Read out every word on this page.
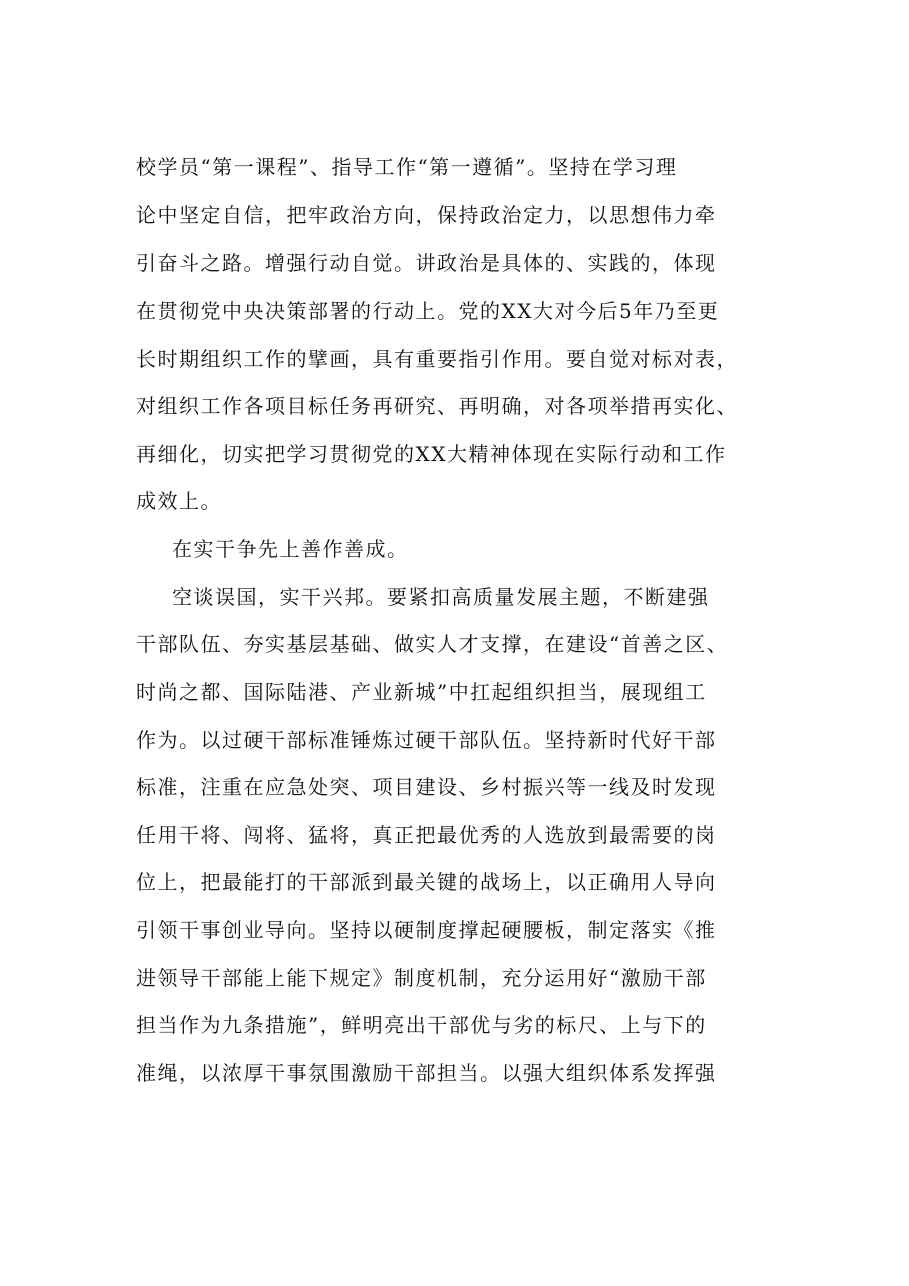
校学员“第一课程”、指导工作“第一遵循”。坚持在学习理
论中坚定自信，把牢政治方向，保持政治定力，以思想伟力牵
引奋斗之路。增强行动自觉。讲政治是具体的、实践的，体现
在贯彻党中央决策部署的行动上。党的XX大对今后5年乃至更
长时期组织工作的擘画，具有重要指引作用。要自觉对标对表，
对组织工作各项目标任务再研究、再明确，对各项举措再实化、
再细化，切实把学习贯彻党的XX大精神体现在实际行动和工作
成效上。
在实干争先上善作善成。
空谈误国，实干兴邦。要紧扣高质量发展主题，不断建强
干部队伍、夯实基层基础、做实人才支撑，在建设“首善之区、
时尚之都、国际陆港、产业新城”中扛起组织担当，展现组工
作为。以过硬干部标准锤炼过硬干部队伍。坚持新时代好干部
标准，注重在应急处突、项目建设、乡村振兴等一线及时发现
任用干将、闯将、猛将，真正把最优秀的人选放到最需要的岗
位上，把最能打的干部派到最关键的战场上，以正确用人导向
引领干事创业导向。坚持以硬制度撑起硬腰板，制定落实《推
进领导干部能上能下规定》制度机制，充分运用好“激励干部
担当作为九条措施”，鲜明亮出干部优与劣的标尺、上与下的
准绳，以浓厚干事氛围激励干部担当。以强大组织体系发挥强
